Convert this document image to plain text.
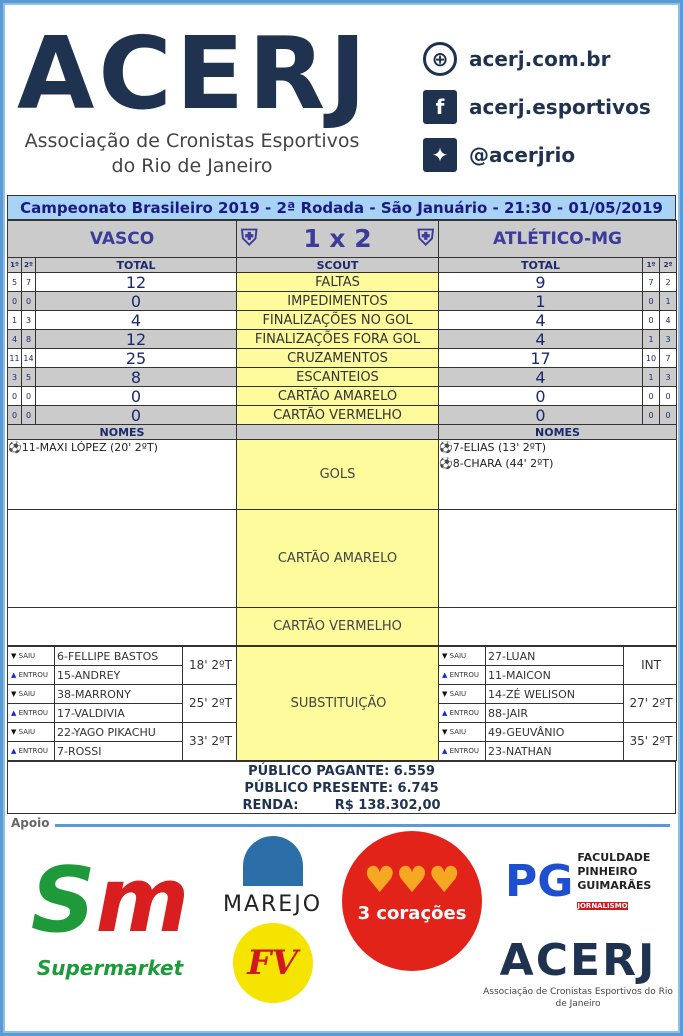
ACERJ
Associação de Cronistas Esportivos do Rio de Janeiro
⊕	acerj.com.br
f	acerj.esportivos
✦	@acerjrio
Campeonato Brasileiro 2019 - 2ª Rodada - São Januário - 21:30 - 01/05/2019
VASCO			⛨ 1 x 2 ⛨	ATLÉTICO-MG		
1º	2º	TOTAL	SCOUT	TOTAL	1º	2º
5	7	12	FALTAS	9	7	2
0	0	0	IMPEDIMENTOS	1	0	1
1	3	4	FINALIZAÇÕES NO GOL	4	0	4
4	8	12	FINALIZAÇÕES FORA GOL	4	1	3
11	14	25	CRUZAMENTOS	17	10	7
3	5	8	ESCANTEIOS	4	1	3
0	0	0	CARTÃO AMARELO	0	0	0
0	0	0	CARTÃO VERMELHO	0	0	0
NOMES				NOMES		

⚽11-MAXI LÓPEZ (20' 2ºT)			GOLS	⚽7-ELIAS (13' 2ºT)
⚽8-CHARA (44' 2ºT)		

			CARTÃO AMARELO			
			CARTÃO VERMELHO			
▼ SAIU	6-FELLIPE BASTOS	18' 2ºT	SUBSTITUIÇÃO	▼ SAIU	27-LUAN	INT
▲ ENTROU	15-ANDREY			▲ ENTROU	11-MAICON	
▼ SAIU	38-MARRONY	25' 2ºT		▼ SAIU	14-ZÉ WELISON	27' 2ºT
▲ ENTROU	17-VALDIVIA			▲ ENTROU	88-JAIR	
▼ SAIU	22-YAGO PIKACHU	33' 2ºT		▼ SAIU	49-GEUVÂNIO	35' 2ºT
▲ ENTROU	7-ROSSI			▲ ENTROU	23-NATHAN	
PÚBLICO PAGANTE: 6.559
PÚBLICO PRESENTE: 6.745
RENDA:	R$ 138.302,00
Apoio
Sm
Supermarket
MAREJO
FV
♥♥♥
3 corações
PG FACULDADE PINHEIRO GUIMARÃES
JORNALISMO
ACERJ
Associação de Cronistas Esportivos do Rio de Janeiro
